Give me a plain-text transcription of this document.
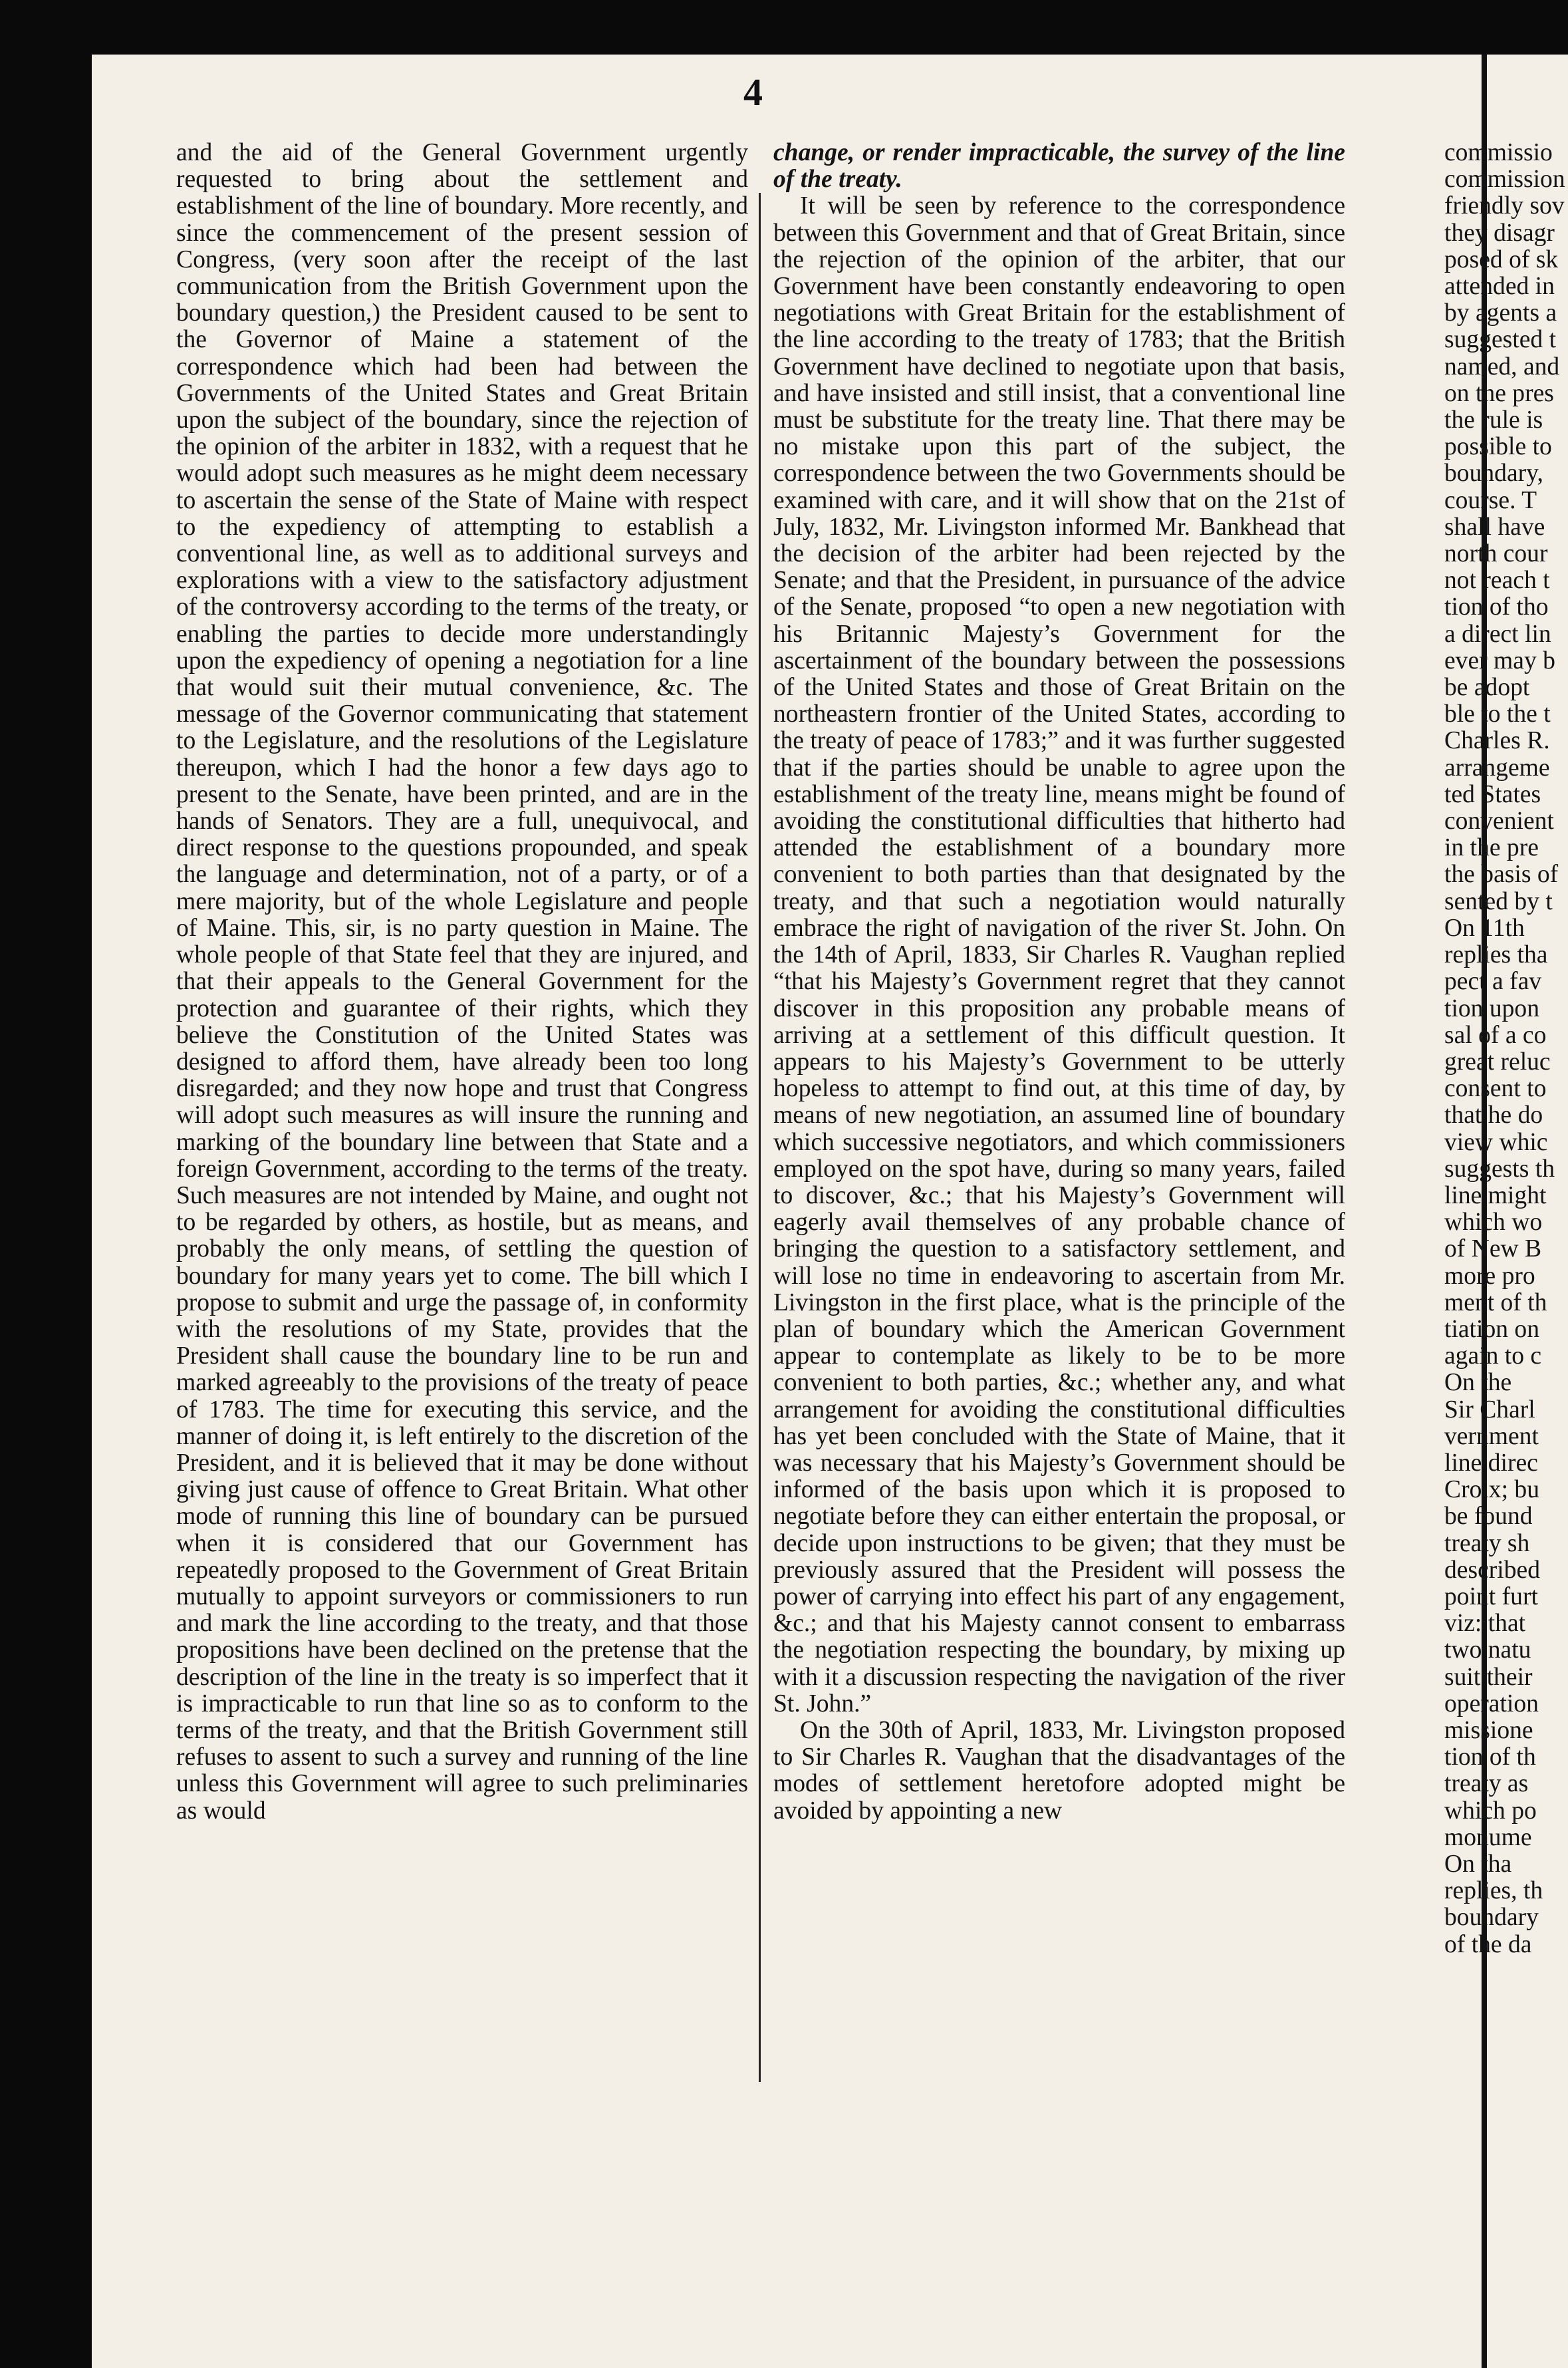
4

and the aid of the General Government urgently requested to bring about the settlement and establishment of the line of boundary. More recently, and since the commencement of the present session of Congress, (very soon after the receipt of the last communication from the British Government upon the boundary question,) the President caused to be sent to the Governor of Maine a statement of the correspondence which had been had between the Governments of the United States and Great Britain upon the subject of the boundary, since the rejection of the opinion of the arbiter in 1832, with a request that he would adopt such measures as he might deem necessary to ascertain the sense of the State of Maine with respect to the expediency of attempting to establish a conventional line, as well as to additional surveys and explorations with a view to the satisfactory adjustment of the controversy according to the terms of the treaty, or enabling the parties to decide more understandingly upon the expediency of opening a negotiation for a line that would suit their mutual convenience, &c. The message of the Governor communicating that statement to the Legislature, and the resolutions of the Legislature thereupon, which I had the honor a few days ago to present to the Senate, have been printed, and are in the hands of Senators. They are a full, unequivocal, and direct response to the questions propounded, and speak the language and determination, not of a party, or of a mere majority, but of the whole Legislature and people of Maine. This, sir, is no party question in Maine. The whole people of that State feel that they are injured, and that their appeals to the General Government for the protection and guarantee of their rights, which they believe the Constitution of the United States was designed to afford them, have already been too long disregarded; and they now hope and trust that Congress will adopt such measures as will insure the running and marking of the boundary line between that State and a foreign Government, according to the terms of the treaty. Such measures are not intended by Maine, and ought not to be regarded by others, as hostile, but as means, and probably the only means, of settling the question of boundary for many years yet to come. The bill which I propose to submit and urge the passage of, in conformity with the resolutions of my State, provides that the President shall cause the boundary line to be run and marked agreeably to the provisions of the treaty of peace of 1783. The time for executing this service, and the manner of doing it, is left entirely to the discretion of the President, and it is believed that it may be done without giving just cause of offence to Great Britain. What other mode of running this line of boundary can be pursued when it is considered that our Government has repeatedly proposed to the Government of Great Britain mutually to appoint surveyors or commissioners to run and mark the line according to the treaty, and that those propositions have been declined on the pretense that the description of the line in the treaty is so imperfect that it is impracticable to run that line so as to conform to the terms of the treaty, and that the British Government still refuses to assent to such a survey and running of the line unless this Government will agree to such preliminaries as would

change, or render impracticable, the survey of the line of the treaty.

It will be seen by reference to the correspondence between this Government and that of Great Britain, since the rejection of the opinion of the arbiter, that our Government have been constantly endeavoring to open negotiations with Great Britain for the establishment of the line according to the treaty of 1783; that the British Government have declined to negotiate upon that basis, and have insisted and still insist, that a conventional line must be substitute for the treaty line. That there may be no mistake upon this part of the subject, the correspondence between the two Governments should be examined with care, and it will show that on the 21st of July, 1832, Mr. Livingston informed Mr. Bankhead that the decision of the arbiter had been rejected by the Senate; and that the President, in pursuance of the advice of the Senate, proposed “to open a new negotiation with his Britannic Majesty’s Government for the ascertainment of the boundary between the possessions of the United States and those of Great Britain on the northeastern frontier of the United States, according to the treaty of peace of 1783;” and it was further suggested that if the parties should be unable to agree upon the establishment of the treaty line, means might be found of avoiding the constitutional difficulties that hitherto had attended the establishment of a boundary more convenient to both parties than that designated by the treaty, and that such a negotiation would naturally embrace the right of navigation of the river St. John. On the 14th of April, 1833, Sir Charles R. Vaughan replied “that his Majesty’s Government regret that they cannot discover in this proposition any probable means of arriving at a settlement of this difficult question. It appears to his Majesty’s Government to be utterly hopeless to attempt to find out, at this time of day, by means of new negotiation, an assumed line of boundary which successive negotiators, and which commissioners employed on the spot have, during so many years, failed to discover, &c.; that his Majesty’s Government will eagerly avail themselves of any probable chance of bringing the question to a satisfactory settlement, and will lose no time in endeavoring to ascertain from Mr. Livingston in the first place, what is the principle of the plan of boundary which the American Government appear to contemplate as likely to be to be more convenient to both parties, &c.; whether any, and what arrangement for avoiding the constitutional difficulties has yet been concluded with the State of Maine, that it was necessary that his Majesty’s Government should be informed of the basis upon which it is proposed to negotiate before they can either entertain the proposal, or decide upon instructions to be given; that they must be previously assured that the President will possess the power of carrying into effect his part of any engagement, &c.; and that his Majesty cannot consent to embarrass the negotiation respecting the boundary, by mixing up with it a discussion respecting the navigation of the river St. John.”

On the 30th of April, 1833, Mr. Livingston proposed to Sir Charles R. Vaughan that the disadvantages of the modes of settlement heretofore adopted might be avoided by appointing a new

commissio
commission
friendly sov
they disagr
posed of sk
attended in
by agents a
suggested t
named, and
on the pres
the rule is
possible to
boundary,
course. T
shall have
north cour
not reach t
tion of tho
a direct lin
ever may b
be adopt
ble to the t
Charles R.
arrangeme
ted States
convenient
in the pre
the basis of
sented by t
On 11th
replies tha
pect a fav
tion upon
sal of a co
great reluc
consent to
that he do
view whic
suggests th
line might
which wo
of New B
more pro
ment of th
tiation on
again to c
On the
Sir Charl
vernment
line direc
Croix; bu
be found
treaty sh
described
point furt
viz: that
two natu
suit their
operation
missione
tion of th
treaty as
which po
monume
On tha
replies, th
boundary
of the da
